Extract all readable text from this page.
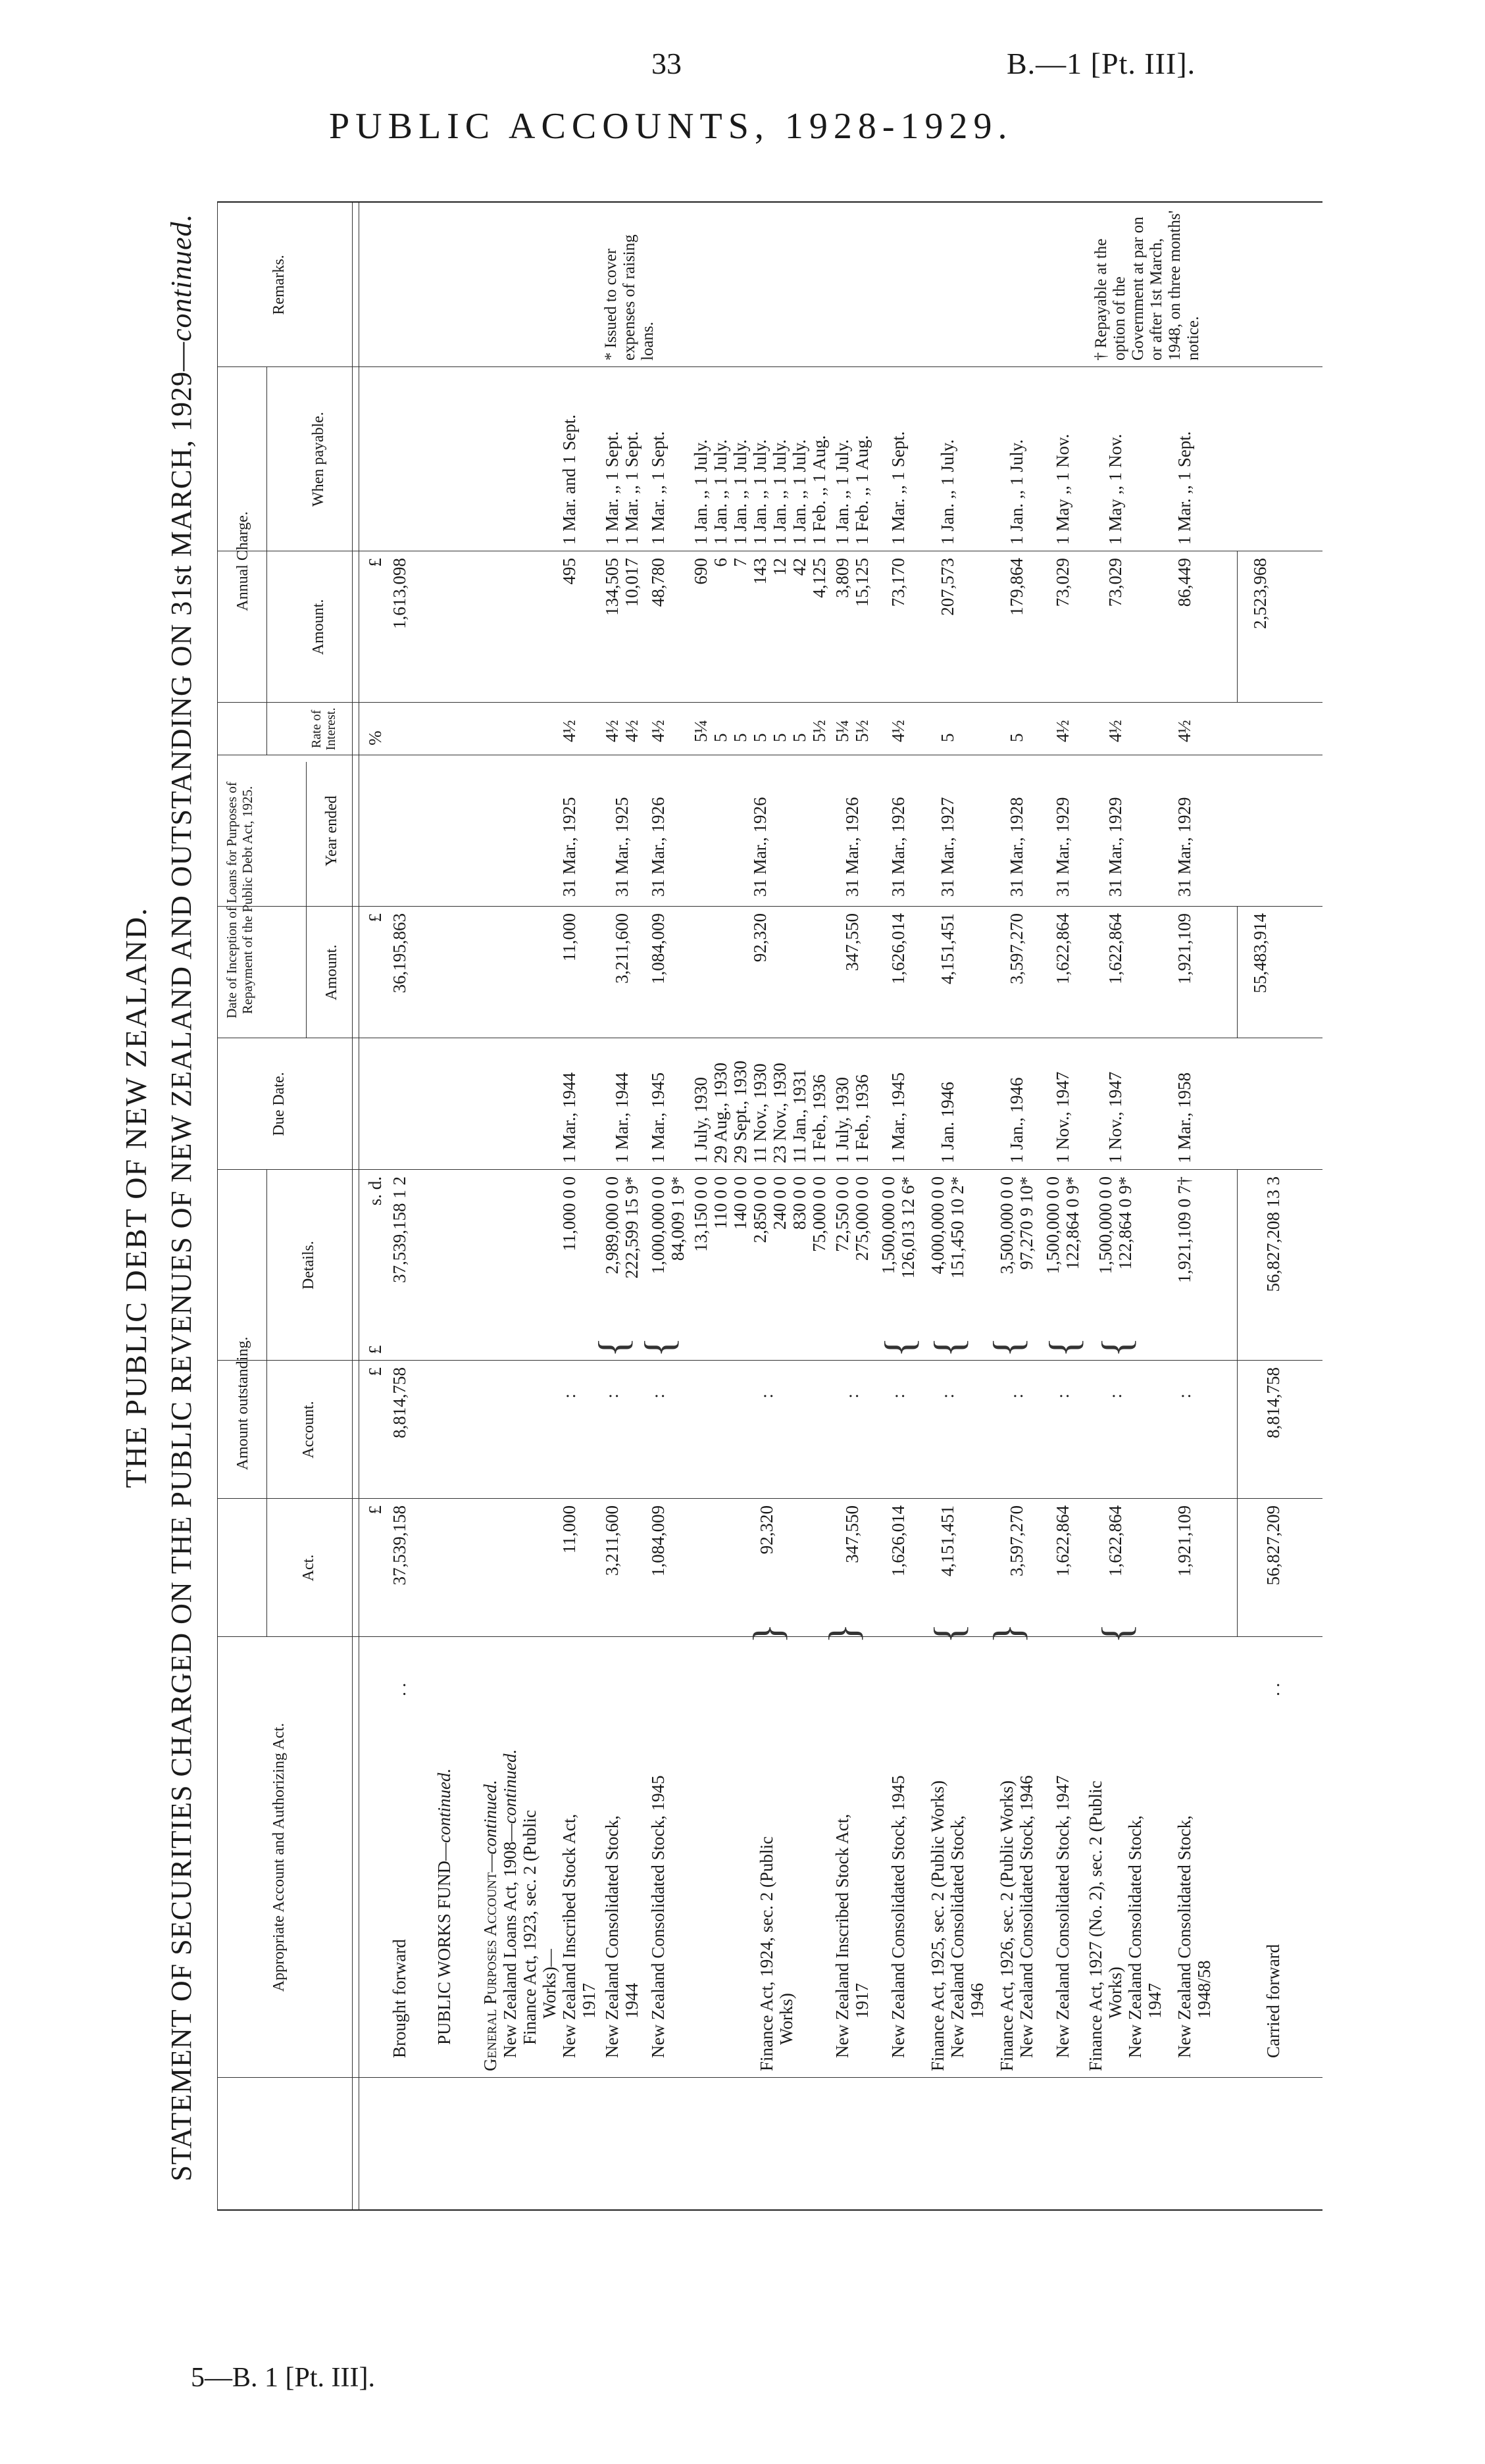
33	B.—1 [Pt. III].
PUBLIC ACCOUNTS, 1928-1929.
5—B. 1 [Pt. III].
THE PUBLIC DEBT OF NEW ZEALAND. STATEMENT OF SECURITIES CHARGED ON THE PUBLIC REVENUES OF NEW ZEALAND AND OUTSTANDING ON 31st MARCH, 1929—continued.
Appropriate Account and Authorizing Act.
Amount outstanding.
Act.
Account.
Details.
Due Date.
Date of Inception of Loans for Purposes of Repayment of the Public Debt Act, 1925.	Amount.
Year ended
Rate of Interest.
Annual Charge.
Amount.
When payable.
Remarks.
£
£
£
s. d.
£
%
£
Brought forward
. .
37,539,158
8,814,758
37,539,158 1 2
36,195,863
1,613,098
PUBLIC WORKS FUND—continued.
General Purposes Account—continued.
New Zealand Loans Act, 1908—continued.
Finance Act, 1923, sec. 2 (Public Works)— New Zealand Inscribed Stock Act, 1917
11,000
:
11,000 0 0
1 Mar., 1944
11,000
31 Mar., 1925
4½
495
1 Mar. and 1 Sept.
New Zealand Consolidated Stock, 1944
3,211,600
:
{
2,989,000 0 0 222,599 15 9*
1 Mar., 1944
3,211,600
31 Mar., 1925
4½ 4½
134,505 10,017
1 Mar. ,, 1 Sept. 1 Mar. ,, 1 Sept.
* Issued to cover expenses of raising loans.
New Zealand Consolidated Stock, 1945
1,084,009
:
{
1,000,000 0 0 84,009 1 9*
1 Mar., 1945
1,084,009
31 Mar., 1926
4½
48,780
1 Mar. ,, 1 Sept.
Finance Act, 1924, sec. 2 (Public Works)
}
92,320
:
13,150 0 0 110 0 0 140 0 0 2,850 0 0 240 0 0 830 0 0 75,000 0 0
1 July, 1930 29 Aug., 1930 29 Sept., 1930 11 Nov., 1930 23 Nov., 1930 11 Jan., 1931 1 Feb., 1936
92,320
31 Mar., 1926
5¼ 5 5 5 5 5 5½
690 6 7 143 12 42 4,125
1 Jan. ,, 1 July. 1 Jan. ,, 1 July. 1 Jan. ,, 1 July. 1 Jan. ,, 1 July. 1 Jan. ,, 1 July. 1 Jan. ,, 1 July. 1 Feb. ,, 1 Aug.
New Zealand Inscribed Stock Act, 1917
}
347,550
:
72,550 0 0 275,000 0 0
1 July, 1930 1 Feb., 1936
347,550
31 Mar., 1926
5¼ 5½
3,809 15,125
1 Jan. ,, 1 July. 1 Feb. ,, 1 Aug.
New Zealand Consolidated Stock, 1945
1,626,014
:
{
1,500,000 0 0 126,013 12 6*
1 Mar., 1945
1,626,014
31 Mar., 1926
4½
73,170
1 Mar. ,, 1 Sept.
Finance Act, 1925, sec. 2 (Public Works) New Zealand Consolidated Stock, 1946
{
4,151,451
:
{
4,000,000 0 0 151,450 10 2*
1 Jan. 1946
4,151,451
31 Mar., 1927
5
207,573
1 Jan. ,, 1 July.
Finance Act, 1926, sec. 2 (Public Works) New Zealand Consolidated Stock, 1946
}
3,597,270
:
{
3,500,000 0 0 97,270 9 10*
1 Jan., 1946
3,597,270
31 Mar., 1928
5
179,864
1 Jan. ,, 1 July.
New Zealand Consolidated Stock, 1947
1,622,864
:
{
1,500,000 0 0 122,864 0 9*
1 Nov., 1947
1,622,864
31 Mar., 1929
4½
73,029
1 May ,, 1 Nov.
Finance Act, 1927 (No. 2), sec. 2 (Public Works) New Zealand Consolidated Stock, 1947
{
1,622,864
:
{
1,500,000 0 0 122,864 0 9*
1 Nov., 1947
1,622,864
31 Mar., 1929
4½
73,029
1 May ,, 1 Nov.
New Zealand Consolidated Stock, 1948/58
1,921,109
:
1,921,109 0 7†
1 Mar., 1958
1,921,109
31 Mar., 1929
4½
86,449
1 Mar. ,, 1 Sept.
† Repayable at the option of the Government at par on or after 1st March, 1948, on three months' notice.
Carried forward
. .
56,827,209
8,814,758
56,827,208 13 3
55,483,914
2,523,968
